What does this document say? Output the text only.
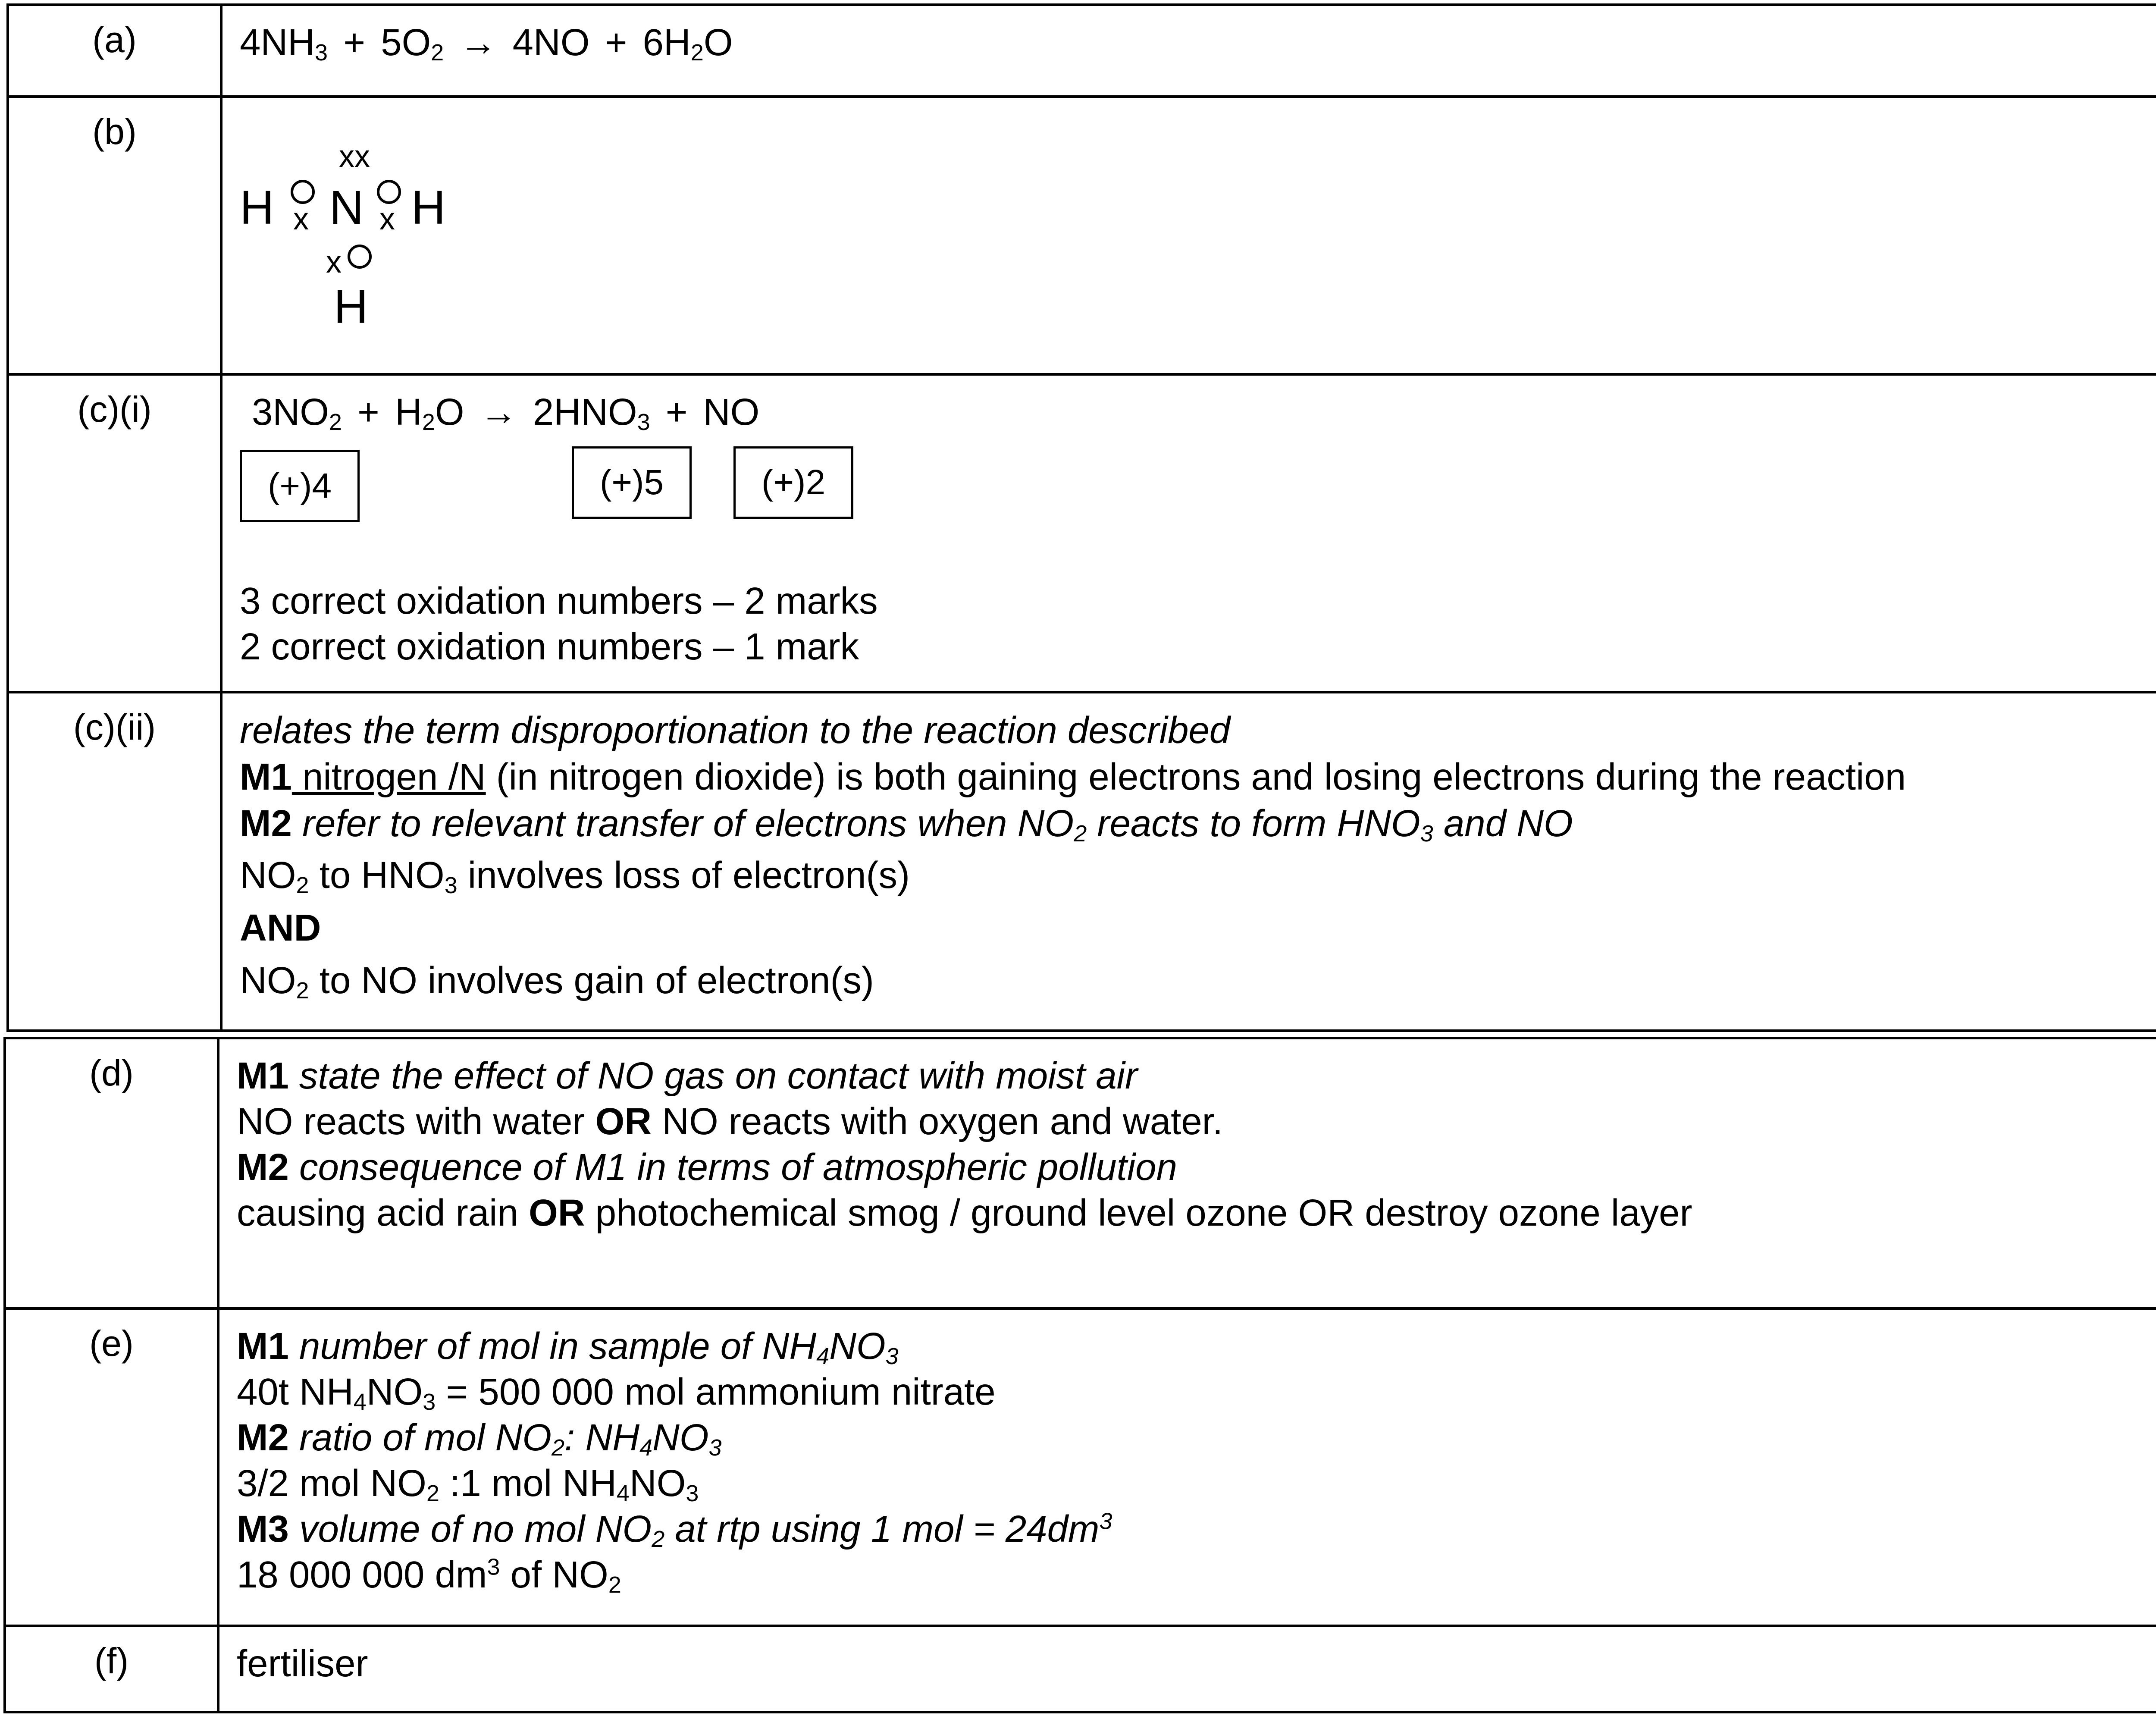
(a)	$4NH_3 + 5O_2 \to 4NO + 6H_2O$
(b)
xx
H x N x H
x
H
(c)(i)	$3NO_2 + H_2O \to 2HNO_3$ + NO
(+)4	(+)5	(+)2
3 correct oxidation numbers – 2 marks
2 correct oxidation numbers – 1 mark
(c)(ii)	relates the term disproportionation to the reaction described
M1 nitrogen /N (in nitrogen dioxide) is both gaining electrons and losing electrons during the reaction
M2 refer to relevant transfer of electrons when $NO_2$ reacts to form $HNO_3$ and NO
$NO_2$ to $HNO_3$ involves loss of electron(s)
AND
$NO_2$ to NO involves gain of electron(s)
(d)	M1 state the effect of NO gas on contact with moist air
NO reacts with water OR NO reacts with oxygen and water.
M2 consequence of M1 in terms of atmospheric pollution
causing acid rain OR photochemical smog / ground level ozone OR destroy ozone layer
(e)	M1 number of mol in sample of $NH_4NO_3$
40t $NH_4NO_3 = 500$ 000 mol ammonium nitrate
M2 ratio of mol $NO_2$: $NH_4NO_3$
3/2 mol $NO_2$ :1 mol $NH_4NO_3$
M3 volume of no mol $NO_2$ at rtp using 1 mol = $24dm^3$
18 000 000 $dm^3$ of $NO_2$
(f)	fertiliser
